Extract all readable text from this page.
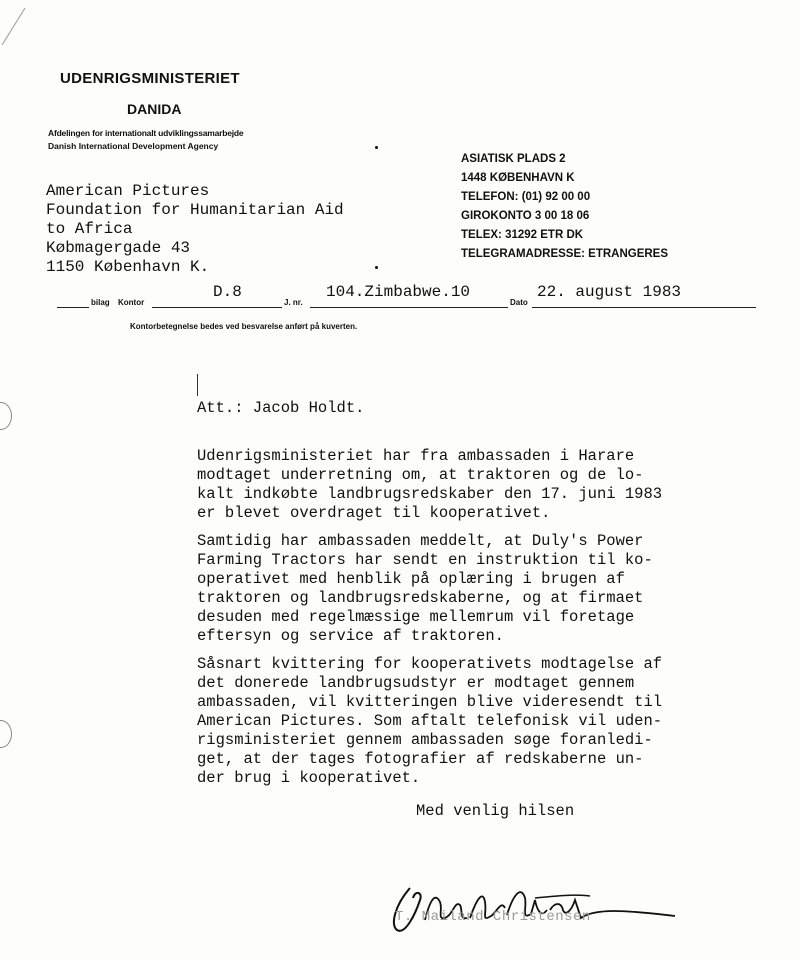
UDENRIGSMINISTERIET
DANIDA
Afdelingen for internationalt udviklingssamarbejde
Danish International Development Agency
ASIATISK PLADS 2
1448 KØBENHAVN K
TELEFON: (01) 92 00 00
GIROKONTO 3 00 18 06
TELEX: 31292 ETR DK
TELEGRAMADRESSE: ETRANGERES
American Pictures
Foundation for Humanitarian Aid
to Africa
Købmagergade 43
1150 København K.
bilag Kontor
D.8
J. nr.
104.Zimbabwe.10
Dato
22. august 1983
Kontorbetegnelse bedes ved besvarelse anført på kuverten.
Att.: Jacob Holdt.
Udenrigsministeriet har fra ambassaden i Harare
modtaget underretning om, at traktoren og de lo-
kalt indkøbte landbrugsredskaber den 17. juni 1983
er blevet overdraget til kooperativet.
Samtidig har ambassaden meddelt, at Duly's Power
Farming Tractors har sendt en instruktion til ko-
operativet med henblik på oplæring i brugen af
traktoren og landbrugsredskaberne, og at firmaet
desuden med regelmæssige mellemrum vil foretage
eftersyn og service af traktoren.
Såsnart kvittering for kooperativets modtagelse af
det donerede landbrugsudstyr er modtaget gennem
ambassaden, vil kvitteringen blive videresendt til
American Pictures. Som aftalt telefonisk vil uden-
rigsministeriet gennem ambassaden søge foranledi-
get, at der tages fotografier af redskaberne un-
der brug i kooperativet.
Med venlig hilsen
T. Mailand Christensen
